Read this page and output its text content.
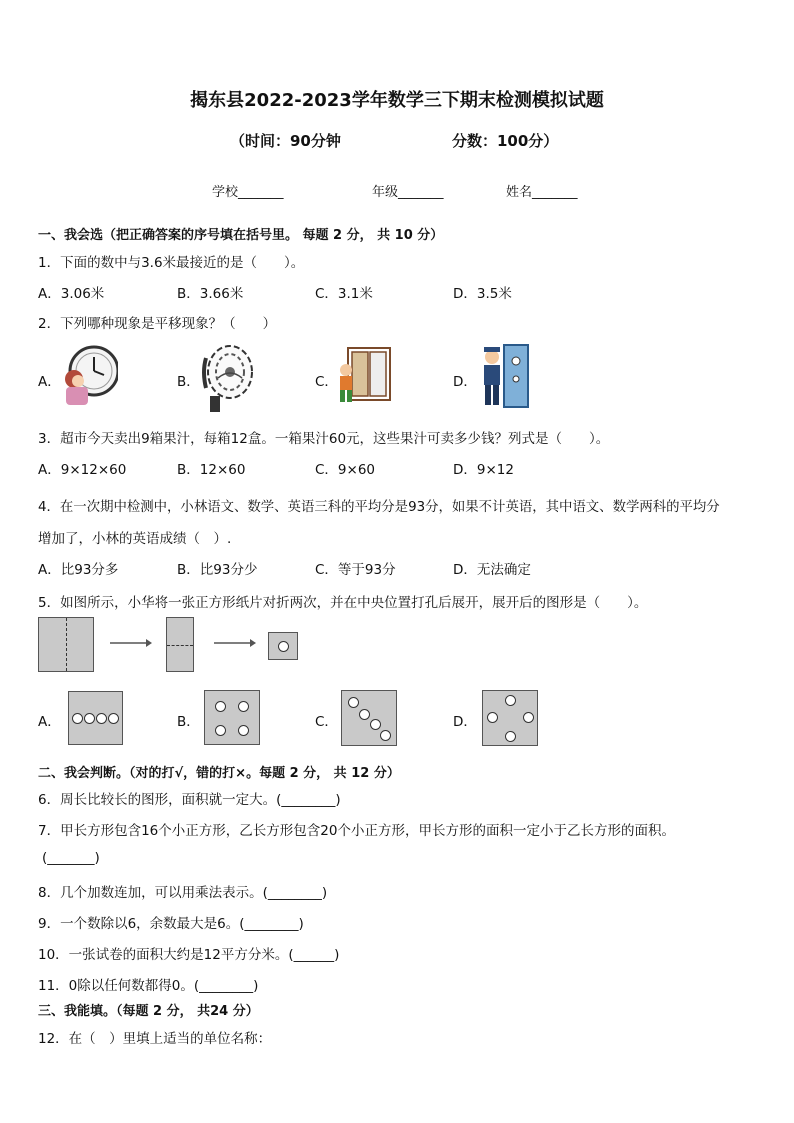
揭东县2022-2023学年数学三下期末检测模拟试题
（时间：90分钟	分数：100分）
学校_______	年级_______	姓名_______
一、我会选（把正确答案的序号填在括号里。 每题 2 分， 共 10 分）
1．下面的数中与3.6米最接近的是（　　）。
A．3.06米	B．3.66米	C．3.1米	D．3.5米
2．下列哪种现象是平移现象？（　　）
A．	B．	C．	D．
3．超市今天卖出9箱果汁，每箱12盒。一箱果汁60元，这些果汁可卖多少钱？列式是（　　）。
A．9×12×60	B．12×60	C．9×60	D．9×12
4．在一次期中检测中，小林语文、数学、英语三科的平均分是93分，如果不计英语，其中语文、数学两科的平均分
增加了，小林的英语成绩（　）.
A．比93分多	B．比93分少	C．等于93分	D．无法确定
5．如图所示，小华将一张正方形纸片对折两次，并在中央位置打孔后展开，展开后的图形是（　　）。
A．	B．	C．	D．
二、我会判断。（对的打√，错的打×。每题 2 分， 共 12 分）
6．周长比较长的图形，面积就一定大。(________)
7．甲长方形包含16个小正方形，乙长方形包含20个小正方形，甲长方形的面积一定小于乙长方形的面积。
(_______)
8．几个加数连加，可以用乘法表示。(________)
9．一个数除以6，余数最大是6。(________)
10．一张试卷的面积大约是12平方分米。(______)
11．0除以任何数都得0。(________)
三、我能填。（每题 2 分， 共24 分）
12．在（　）里填上适当的单位名称：
